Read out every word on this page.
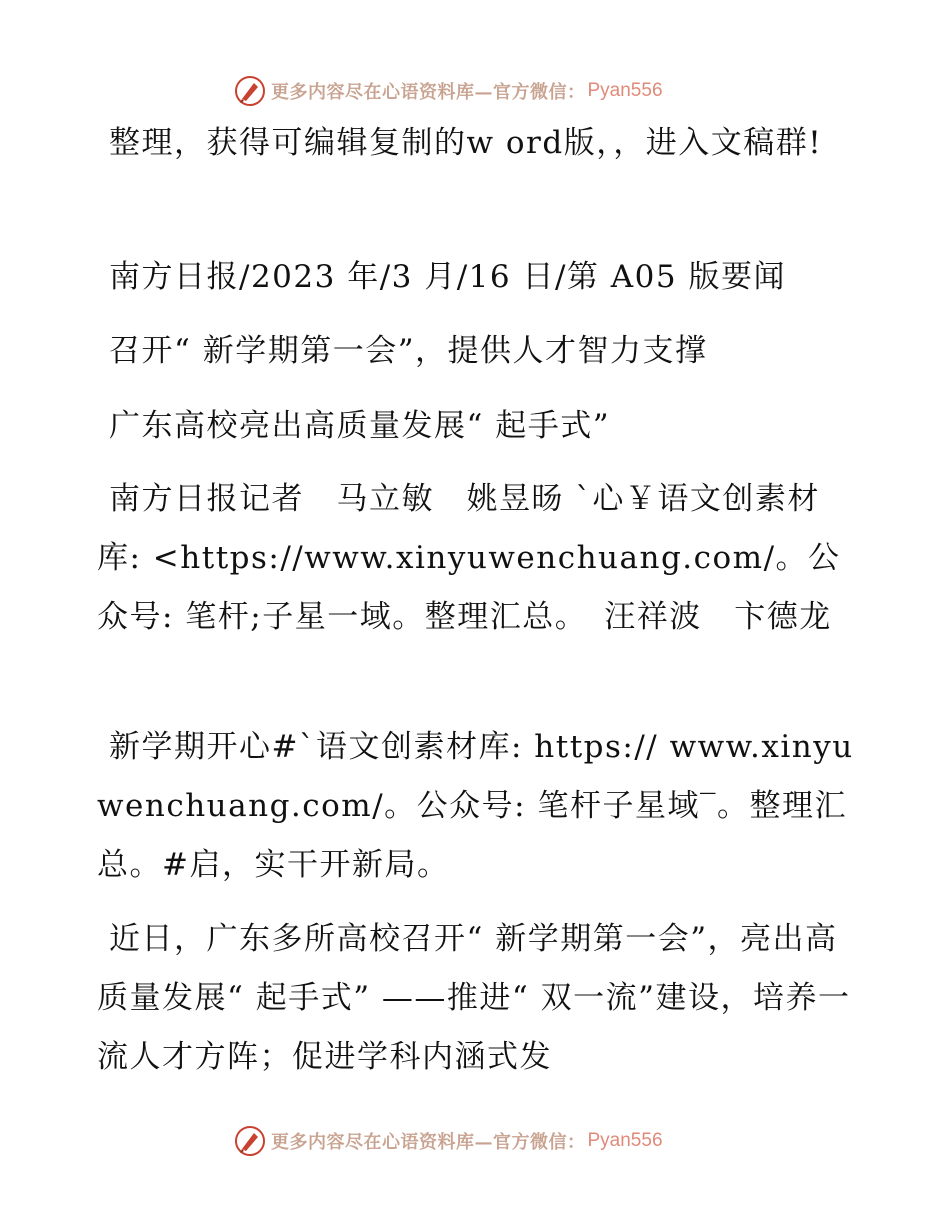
更多内容尽在心语资料库—官方微信： Pyan556

整理，获得可编辑复制的w ord版，，进入文稿群!

南方日报/2023 年/3 月/16 日/第 A05 版要闻

召开“ 新学期第一会”，提供人才智力支撑

广东高校亮出高质量发展“ 起手式”

南方日报记者　马立敏　姚昱旸 `心￥语文创素材库: <https://www.xinyuwenchuang.com/。公众号: 笔杆;子星一域。整理汇总。　汪祥波　卞德龙

新学期开心#`语文创素材库: https:// www.xinyuwenchuang.com/。公众号: 笔杆子星域‾。整理汇总。#启，实干开新局。

近日，广东多所高校召开“ 新学期第一会”，亮出高质量发展“ 起手式” ——推进“ 双一流”建设，培养一流人才方阵；促进学科内涵式发

更多内容尽在心语资料库—官方微信： Pyan556
